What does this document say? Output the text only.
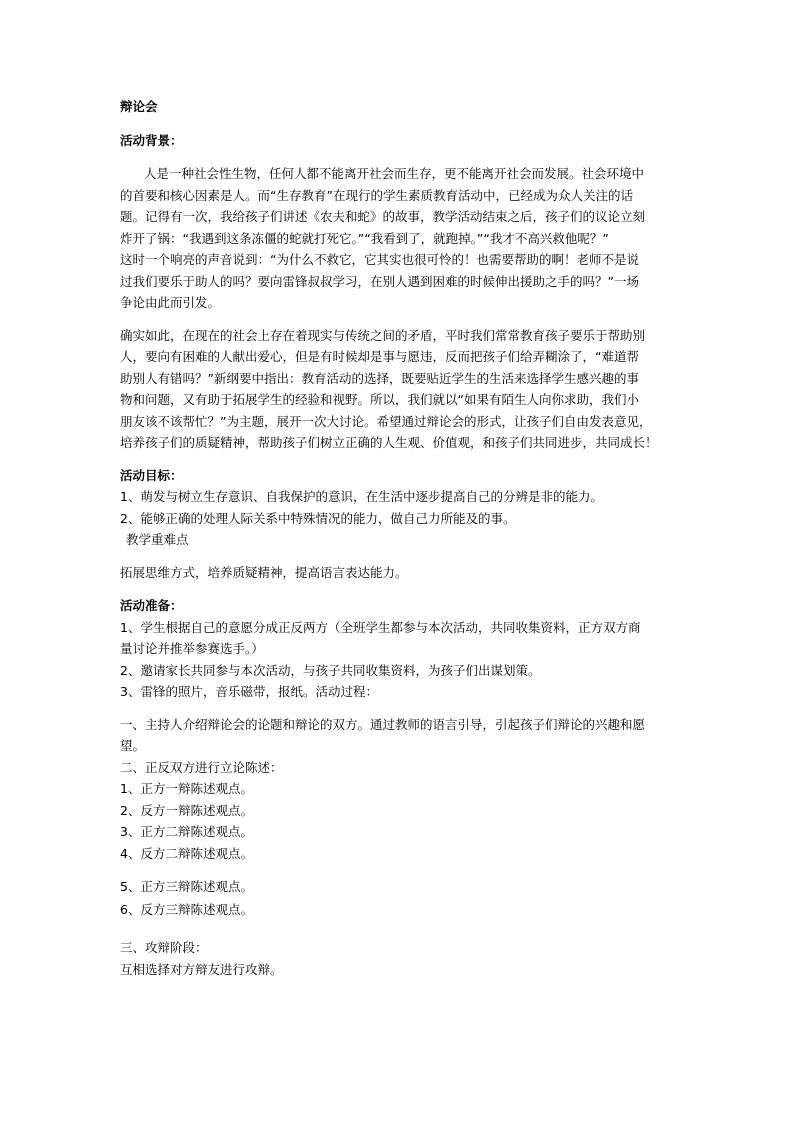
辩论会
活动背景：
人是一种社会性生物，任何人都不能离开社会而生存，更不能离开社会而发展。社会环境中
的首要和核心因素是人。而“生存教育”在现行的学生素质教育活动中，已经成为众人关注的话
题。记得有一次，我给孩子们讲述《农夫和蛇》的故事，教学活动结束之后，孩子们的议论立刻
炸开了锅：“我遇到这条冻僵的蛇就打死它。”“我看到了，就跑掉。”“我才不高兴救他呢？”
这时一个响亮的声音说到：“为什么不救它，它其实也很可怜的！也需要帮助的啊！老师不是说
过我们要乐于助人的吗？要向雷锋叔叔学习，在别人遇到困难的时候伸出援助之手的吗？”一场
争论由此而引发。
确实如此，在现在的社会上存在着现实与传统之间的矛盾，平时我们常常教育孩子要乐于帮助别
人，要向有困难的人献出爱心，但是有时候却是事与愿违，反而把孩子们给弄糊涂了，“难道帮
助别人有错吗？”新纲要中指出：教育活动的选择，既要贴近学生的生活来选择学生感兴趣的事
物和问题，又有助于拓展学生的经验和视野。所以，我们就以“如果有陌生人向你求助，我们小
朋友该不该帮忙？”为主题，展开一次大讨论。希望通过辩论会的形式，让孩子们自由发表意见，
培养孩子们的质疑精神，帮助孩子们树立正确的人生观、价值观，和孩子们共同进步，共同成长！
活动目标：
1、萌发与树立生存意识、自我保护的意识，在生活中逐步提高自己的分辨是非的能力。
2、能够正确的处理人际关系中特殊情况的能力，做自己力所能及的事。
教学重难点
拓展思维方式，培养质疑精神，提高语言表达能力。
活动准备：
1、学生根据自己的意愿分成正反两方（全班学生都参与本次活动，共同收集资料，正方双方商
量讨论并推举参赛选手。）
2、邀请家长共同参与本次活动，与孩子共同收集资料，为孩子们出谋划策。
3、雷锋的照片，音乐磁带，报纸。活动过程：
一、主持人介绍辩论会的论题和辩论的双方。通过教师的语言引导，引起孩子们辩论的兴趣和愿
望。
二、正反双方进行立论陈述：
1、正方一辩陈述观点。
2、反方一辩陈述观点。
3、正方二辩陈述观点。
4、反方二辩陈述观点。
5、正方三辩陈述观点。
6、反方三辩陈述观点。
三、攻辩阶段：
互相选择对方辩友进行攻辩。
